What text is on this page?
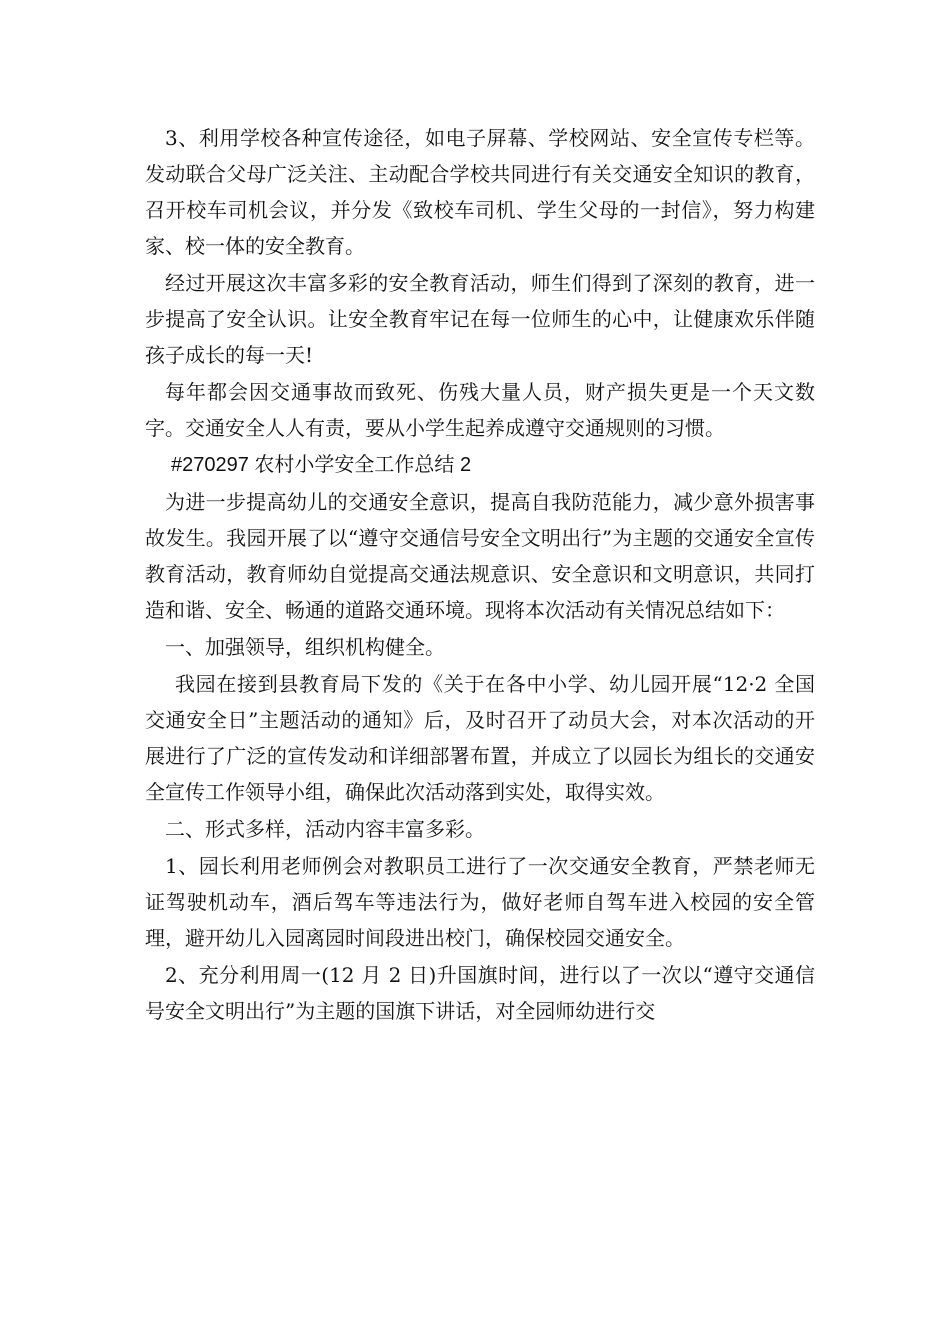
3、利用学校各种宣传途径，如电子屏幕、学校网站、安全宣传专栏等。发动联合父母广泛关注、主动配合学校共同进行有关交通安全知识的教育，召开校车司机会议，并分发《致校车司机、学生父母的一封信》，努力构建家、校一体的安全教育。

经过开展这次丰富多彩的安全教育活动，师生们得到了深刻的教育，进一步提高了安全认识。让安全教育牢记在每一位师生的心中，让健康欢乐伴随孩子成长的每一天!

每年都会因交通事故而致死、伤残大量人员，财产损失更是一个天文数字。交通安全人人有责，要从小学生起养成遵守交通规则的习惯。

#270297 农村小学安全工作总结 2

为进一步提高幼儿的交通安全意识，提高自我防范能力，减少意外损害事故发生。我园开展了以“遵守交通信号安全文明出行”为主题的交通安全宣传教育活动，教育师幼自觉提高交通法规意识、安全意识和文明意识，共同打造和谐、安全、畅通的道路交通环境。现将本次活动有关情况总结如下：

一、加强领导，组织机构健全。

我园在接到县教育局下发的《关于在各中小学、幼儿园开展“12·2 全国交通安全日”主题活动的通知》后，及时召开了动员大会，对本次活动的开展进行了广泛的宣传发动和详细部署布置，并成立了以园长为组长的交通安全宣传工作领导小组，确保此次活动落到实处，取得实效。

二、形式多样，活动内容丰富多彩。

1、园长利用老师例会对教职员工进行了一次交通安全教育，严禁老师无证驾驶机动车，酒后驾车等违法行为，做好老师自驾车进入校园的安全管理，避开幼儿入园离园时间段进出校门，确保校园交通安全。

2、充分利用周一(12 月 2 日)升国旗时间，进行以了一次以“遵守交通信号安全文明出行”为主题的国旗下讲话，对全园师幼进行交
